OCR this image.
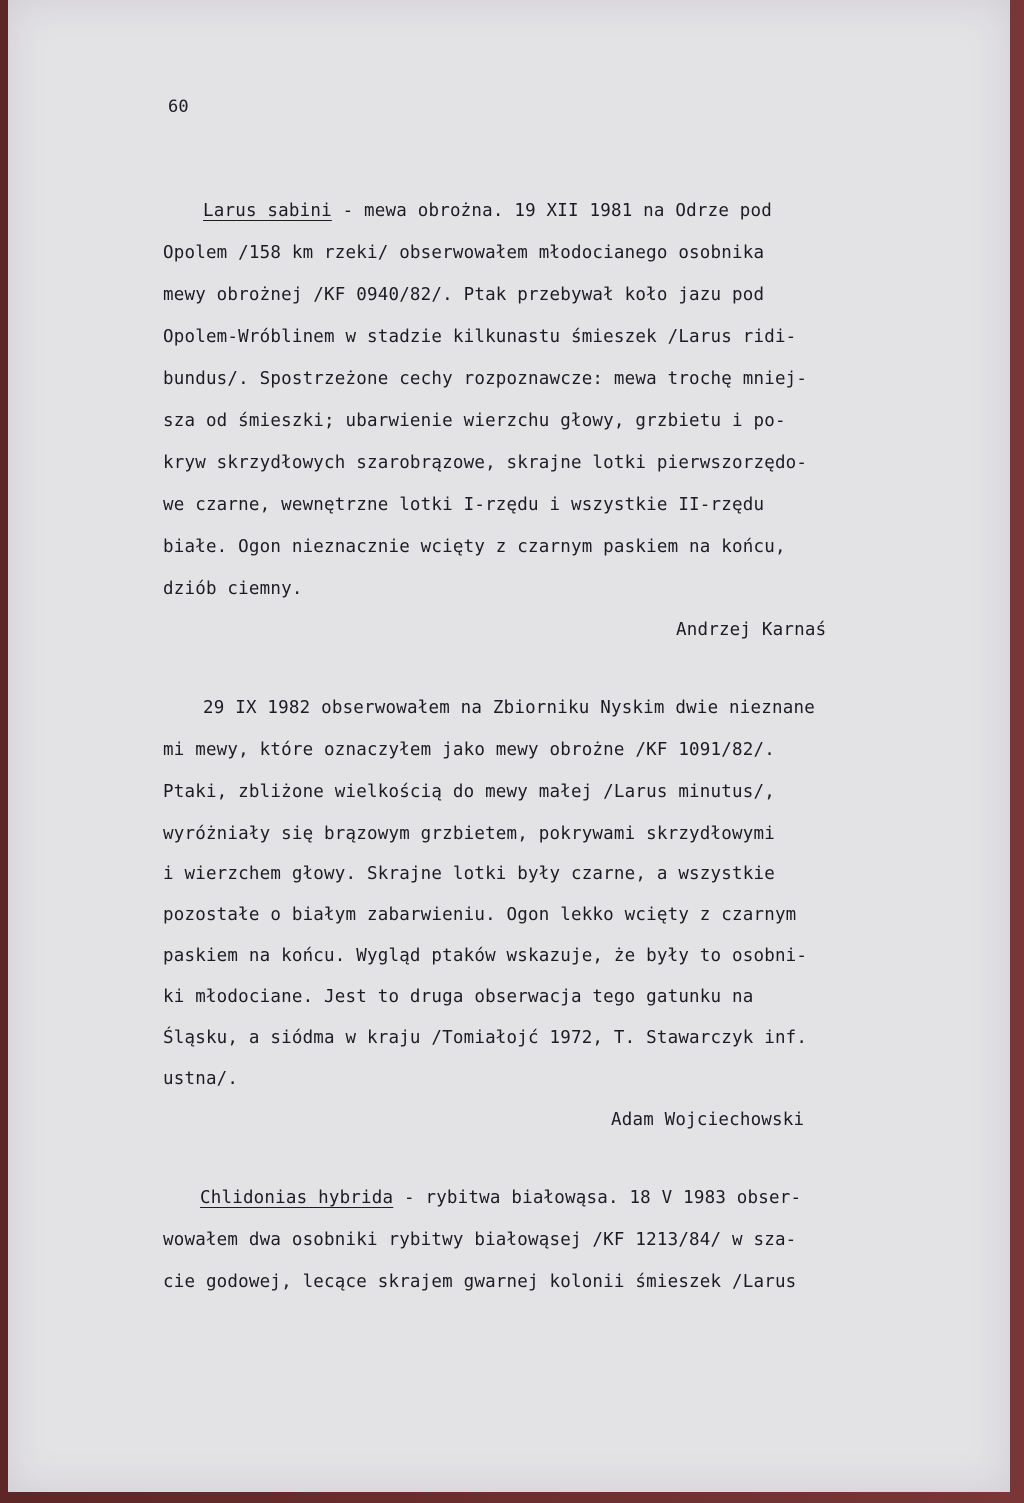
60
Larus sabini - mewa obrożna. 19 XII 1981 na Odrze pod
Opolem /158 km rzeki/ obserwowałem młodocianego osobnika
mewy obrożnej /KF 0940/82/. Ptak przebywał koło jazu pod
Opolem-Wróblinem w stadzie kilkunastu śmieszek /Larus ridi-
bundus/. Spostrzeżone cechy rozpoznawcze: mewa trochę mniej-
sza od śmieszki; ubarwienie wierzchu głowy, grzbietu i po-
kryw skrzydłowych szarobrązowe, skrajne lotki pierwszorzędo-
we czarne, wewnętrzne lotki I-rzędu i wszystkie II-rzędu
białe. Ogon nieznacznie wcięty z czarnym paskiem na końcu,
dziób ciemny.
Andrzej Karnaś
29 IX 1982 obserwowałem na Zbiorniku Nyskim dwie nieznane
mi mewy, które oznaczyłem jako mewy obrożne /KF 1091/82/.
Ptaki, zbliżone wielkością do mewy małej /Larus minutus/,
wyróżniały się brązowym grzbietem, pokrywami skrzydłowymi
i wierzchem głowy. Skrajne lotki były czarne, a wszystkie
pozostałe o białym zabarwieniu. Ogon lekko wcięty z czarnym
paskiem na końcu. Wygląd ptaków wskazuje, że były to osobni-
ki młodociane. Jest to druga obserwacja tego gatunku na
Śląsku, a siódma w kraju /Tomiałojć 1972, T. Stawarczyk inf.
ustna/.
Adam Wojciechowski
Chlidonias hybrida - rybitwa białowąsa. 18 V 1983 obser-
wowałem dwa osobniki rybitwy białowąsej /KF 1213/84/ w sza-
cie godowej, lecące skrajem gwarnej kolonii śmieszek /Larus
